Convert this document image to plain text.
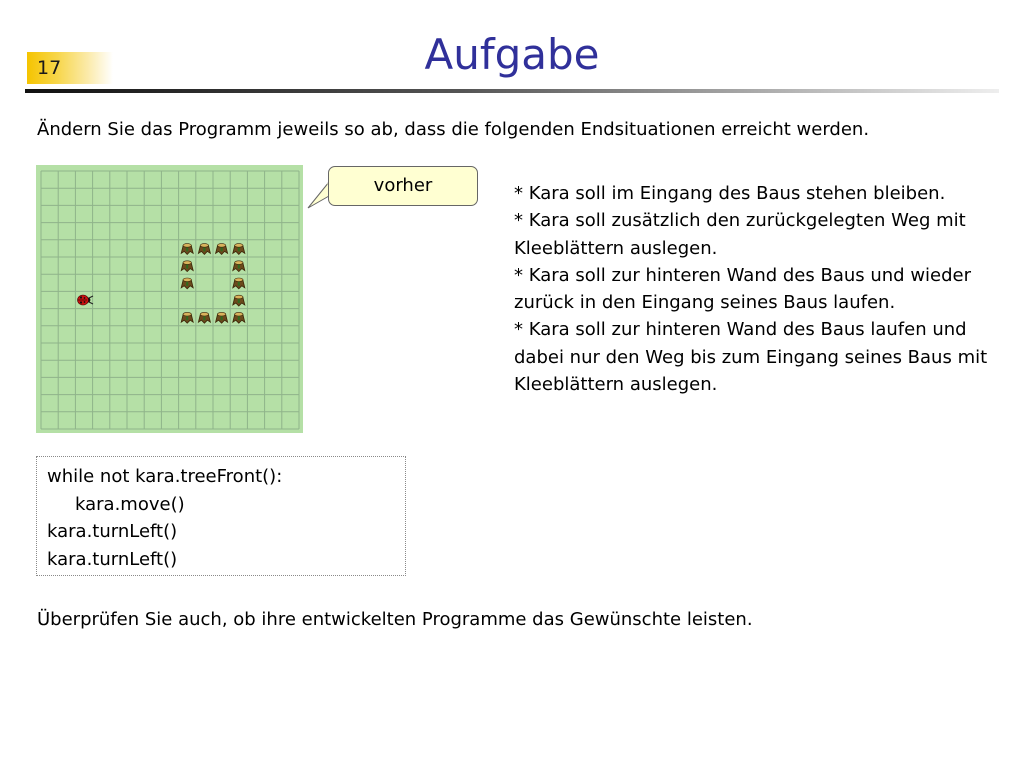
17	Aufgabe
Ändern Sie das Programm jeweils so ab, dass die folgenden Endsituationen erreicht werden.
vorher	* Kara soll im Eingang des Baus stehen bleiben.

* Kara soll zusätzlich den zurückgelegten Weg mit Kleeblättern auslegen.

* Kara soll zur hinteren Wand des Baus und wieder zurück in den Eingang seines Baus laufen.

* Kara soll zur hinteren Wand des Baus laufen und dabei nur den Weg bis zum Eingang seines Baus mit Kleeblättern auslegen.

while not kara.treeFront():
kara.move()
kara.turnLeft()
kara.turnLeft()
Überprüfen Sie auch, ob ihre entwickelten Programme das Gewünschte leisten.
